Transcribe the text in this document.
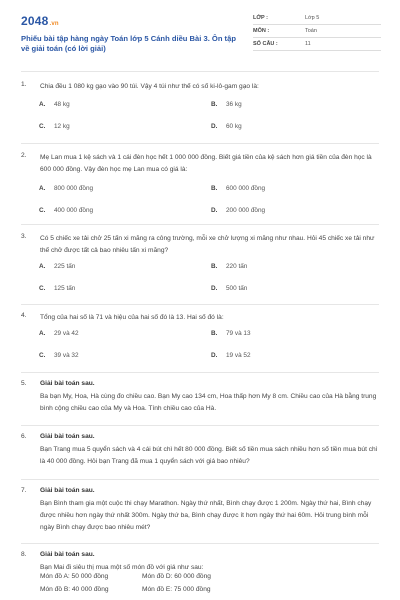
2048.vn
Phiếu bài tập hàng ngày Toán lớp 5 Cánh diều Bài 3. Ôn tập về giải toán (có lời giải)
LỚP :	Lớp 5
MÔN :	Toán
SỐ CÂU :	11
1. Chia đều 1 080 kg gạo vào 90 túi. Vậy 4 túi như thế có số ki-lô-gam gạo là:
A. 48 kg	B. 36 kg
C. 12 kg	D. 60 kg
2. Mẹ Lan mua 1 kệ sách và 1 cái đèn học hết 1 000 000 đồng. Biết giá tiền của kệ sách hơn giá tiền của đèn học là 600 000 đồng. Vậy đèn học mẹ Lan mua có giá là:
A. 800 000 đồng	B. 600 000 đồng
C. 400 000 đồng	D. 200 000 đồng
3. Có 5 chiếc xe tải chở 25 tấn xi măng ra công trường, mỗi xe chở lượng xi măng như nhau. Hỏi 45 chiếc xe tải như thế chở được tất cả bao nhiêu tấn xi măng?
A. 225 tấn	B. 220 tấn
C. 125 tấn	D. 500 tấn
4. Tổng của hai số là 71 và hiệu của hai số đó là 13. Hai số đó là:
A. 29 và 42	B. 79 và 13
C. 39 và 32	D. 19 và 52
5. Giải bài toán sau.
Ba bạn My, Hoa, Hà cùng đo chiều cao. Bạn My cao 134 cm, Hoa thấp hơn My 8 cm. Chiều cao của Hà bằng trung bình cộng chiều cao của My và Hoa. Tính chiều cao của Hà.
6. Giải bài toán sau.
Bạn Trang mua 5 quyển sách và 4 cái bút chì hết 80 000 đồng. Biết số tiền mua sách nhiều hơn số tiền mua bút chì là 40 000 đồng. Hỏi bạn Trang đã mua 1 quyển sách với giá bao nhiêu?
7. Giải bài toán sau.
Bạn Bình tham gia một cuộc thi chạy Marathon. Ngày thứ nhất, Bình chạy được 1 200m. Ngày thứ hai, Bình chạy được nhiều hơn ngày thứ nhất 300m. Ngày thứ ba, Bình chạy được ít hơn ngày thứ hai 60m. Hỏi trung bình mỗi ngày Bình chạy được bao nhiêu mét?
8. Giải bài toán sau.
Bạn Mai đi siêu thị mua một số món đồ với giá như sau:
Món đồ A: 50 000 đồng	Món đồ D: 60 000 đồng
Món đồ B: 40 000 đồng	Món đồ E: 75 000 đồng
